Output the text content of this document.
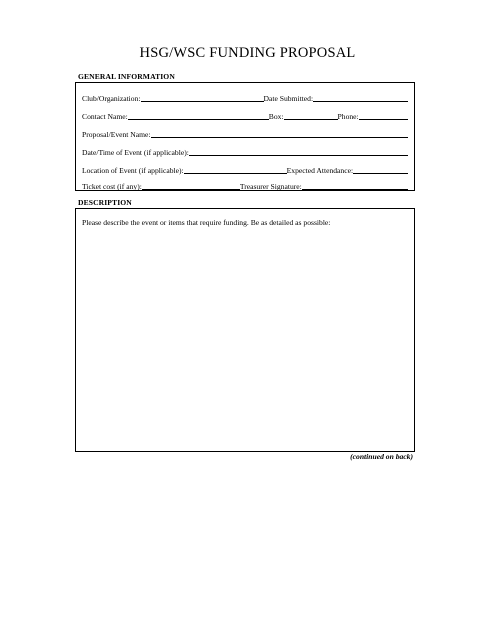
HSG/WSC FUNDING PROPOSAL
GENERAL INFORMATION
Club/Organization:	Date Submitted:
Contact Name:	Box:	Phone:
Proposal/Event Name:
Date/Time of Event (if applicable):
Location of Event (if applicable):	Expected Attendance:
Ticket cost (if any):	Treasurer Signature:
DESCRIPTION
Please describe the event or items that require funding. Be as detailed as possible:
(continued on back)
